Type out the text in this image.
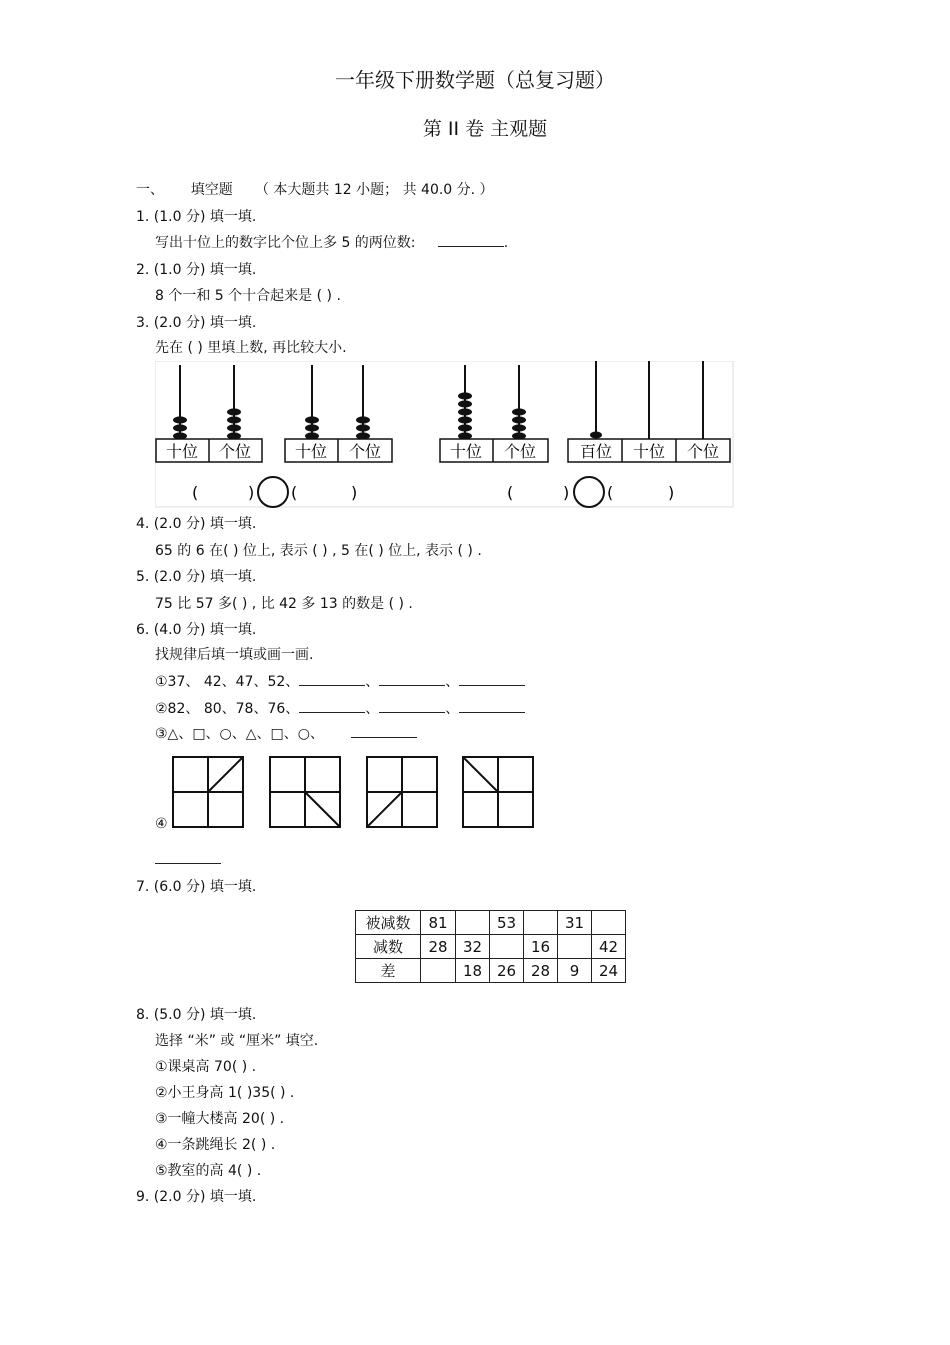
一年级下册数学题（总复习题）
第 II 卷 主观题
一、 填空题 （ 本大题共 12 小题； 共 40.0 分. ）
1. (1.0 分) 填一填.
写出十位上的数字比个位上多 5 的两位数:	.
2. (1.0 分) 填一填.
8 个一和 5 个十合起来是 ( ) .
3. (2.0 分) 填一填.
先在 ( ) 里填上数, 再比较大小.
十位 个位	十位 个位	十位 个位	百位 十位 个位
(	) (	)	(	) (	)
4. (2.0 分) 填一填.
65 的 6 在( ) 位上, 表示 ( ) , 5 在( ) 位上, 表示 ( ) .
5. (2.0 分) 填一填.
75 比 57 多( ) , 比 42 多 13 的数是 ( ) .
6. (4.0 分) 填一填.
找规律后填一填或画一画.
①37、 42、47、52、	、	、
②82、 80、78、76、	、	、
③△、□、○、△、□、○、
④
7. (6.0 分) 填一填.
被减数	81		53		31	
减数	28	32		16		42
差		18	26	28	9	24
8. (5.0 分) 填一填.
选择 “米” 或 “厘米” 填空.
①课桌高 70( ) .
②小王身高 1( )35( ) .
③一幢大楼高 20( ) .
④一条跳绳长 2( ) .
⑤教室的高 4( ) .
9. (2.0 分) 填一填.
